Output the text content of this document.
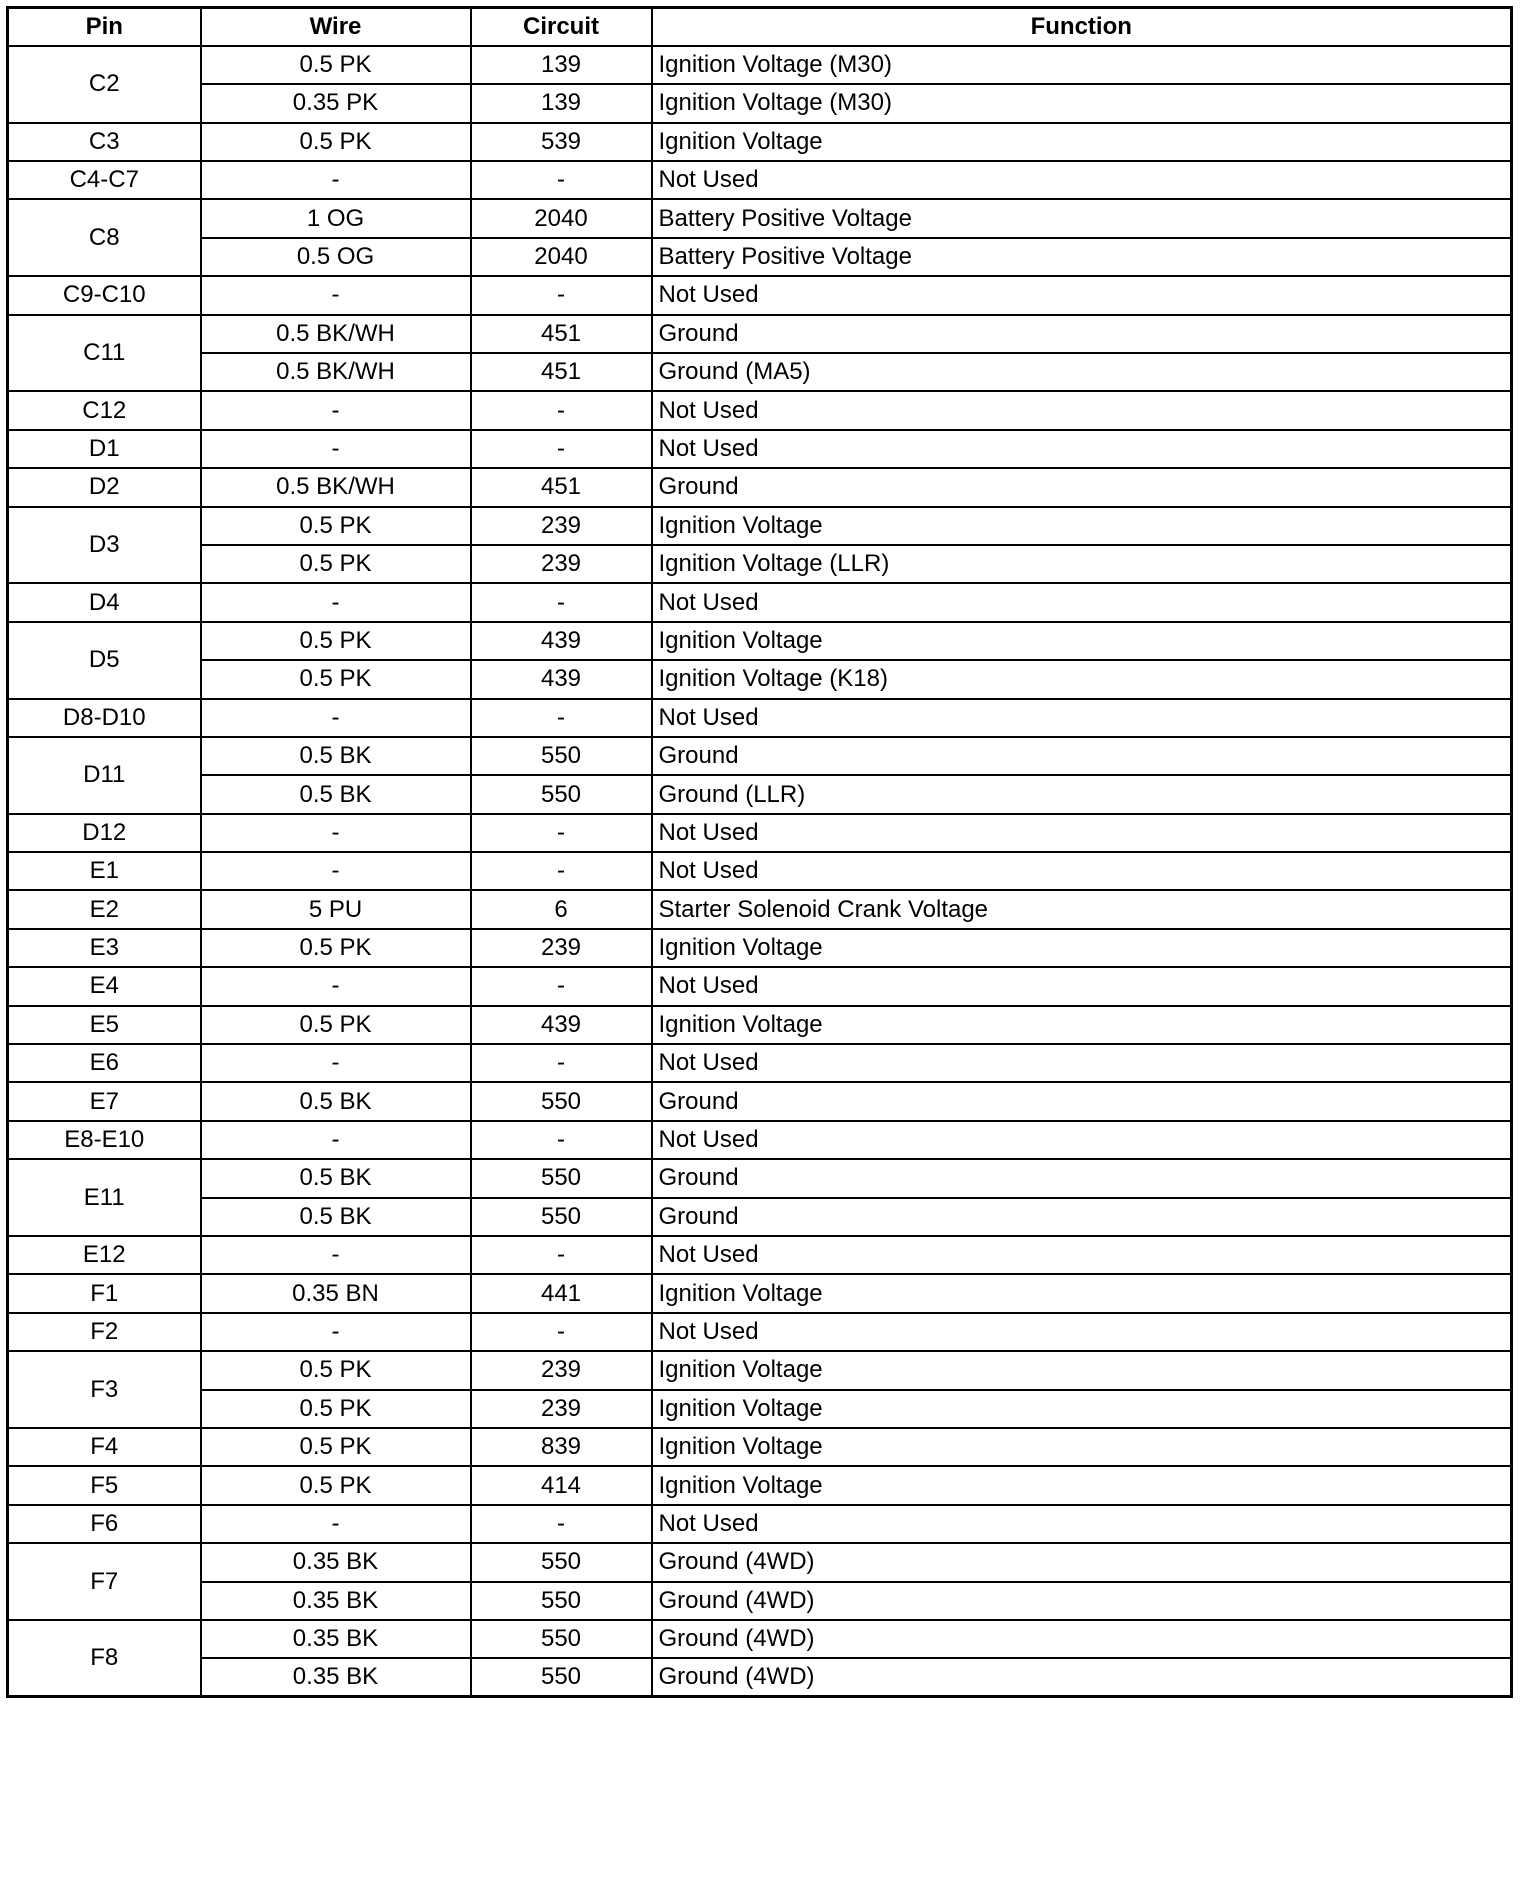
Pin	Wire	Circuit	Function
C2	0.5 PK	139	Ignition Voltage (M30)
	0.35 PK	139	Ignition Voltage (M30)
C3	0.5 PK	539	Ignition Voltage
C4-C7	-	-	Not Used
C8	1 OG	2040	Battery Positive Voltage
	0.5 OG	2040	Battery Positive Voltage
C9-C10	-	-	Not Used
C11	0.5 BK/WH	451	Ground
	0.5 BK/WH	451	Ground (MA5)
C12	-	-	Not Used
D1	-	-	Not Used
D2	0.5 BK/WH	451	Ground
D3	0.5 PK	239	Ignition Voltage
	0.5 PK	239	Ignition Voltage (LLR)
D4	-	-	Not Used
D5	0.5 PK	439	Ignition Voltage
	0.5 PK	439	Ignition Voltage (K18)
D8-D10	-	-	Not Used
D11	0.5 BK	550	Ground
	0.5 BK	550	Ground (LLR)
D12	-	-	Not Used
E1	-	-	Not Used
E2	5 PU	6	Starter Solenoid Crank Voltage
E3	0.5 PK	239	Ignition Voltage
E4	-	-	Not Used
E5	0.5 PK	439	Ignition Voltage
E6	-	-	Not Used
E7	0.5 BK	550	Ground
E8-E10	-	-	Not Used
E11	0.5 BK	550	Ground
	0.5 BK	550	Ground
E12	-	-	Not Used
F1	0.35 BN	441	Ignition Voltage
F2	-	-	Not Used
F3	0.5 PK	239	Ignition Voltage
	0.5 PK	239	Ignition Voltage
F4	0.5 PK	839	Ignition Voltage
F5	0.5 PK	414	Ignition Voltage
F6	-	-	Not Used
F7	0.35 BK	550	Ground (4WD)
	0.35 BK	550	Ground (4WD)
F8	0.35 BK	550	Ground (4WD)
	0.35 BK	550	Ground (4WD)
